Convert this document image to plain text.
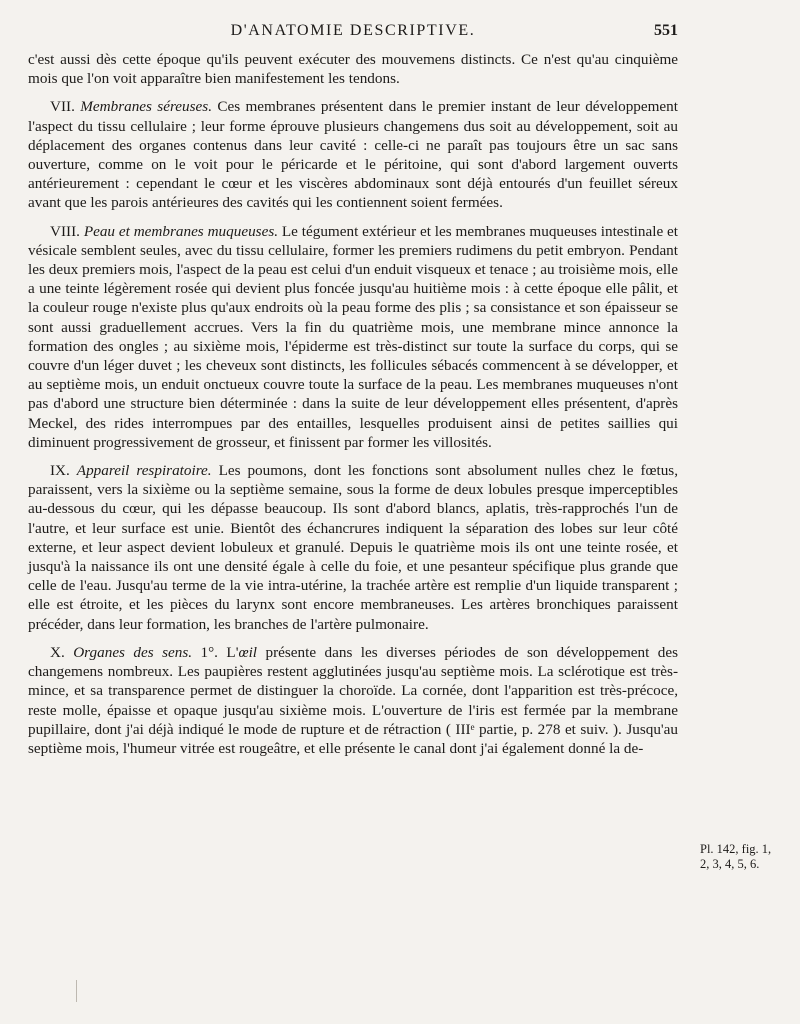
D'ANATOMIE DESCRIPTIVE.	551

c'est aussi dès cette époque qu'ils peuvent exécuter des mouvemens distincts. Ce n'est qu'au cinquième mois que l'on voit apparaître bien manifestement les tendons.

VII. Membranes séreuses. Ces membranes présentent dans le premier instant de leur développement l'aspect du tissu cellulaire ; leur forme éprouve plusieurs changemens dus soit au développement, soit au déplacement des organes contenus dans leur cavité : celle-ci ne paraît pas toujours être un sac sans ouverture, comme on le voit pour le péricarde et le péritoine, qui sont d'abord largement ouverts antérieurement : cependant le cœur et les viscères abdominaux sont déjà entourés d'un feuillet séreux avant que les parois antérieures des cavités qui les contiennent soient fermées.

VIII. Peau et membranes muqueuses. Le tégument extérieur et les membranes muqueuses intestinale et vésicale semblent seules, avec du tissu cellulaire, former les premiers rudimens du petit embryon. Pendant les deux premiers mois, l'aspect de la peau est celui d'un enduit visqueux et tenace ; au troisième mois, elle a une teinte légèrement rosée qui devient plus foncée jusqu'au huitième mois : à cette époque elle pâlit, et la couleur rouge n'existe plus qu'aux endroits où la peau forme des plis ; sa consistance et son épaisseur se sont aussi graduellement accrues. Vers la fin du quatrième mois, une membrane mince annonce la formation des ongles ; au sixième mois, l'épiderme est très-distinct sur toute la surface du corps, qui se couvre d'un léger duvet ; les cheveux sont distincts, les follicules sébacés commencent à se développer, et au septième mois, un enduit onctueux couvre toute la surface de la peau. Les membranes muqueuses n'ont pas d'abord une structure bien déterminée : dans la suite de leur développement elles présentent, d'après Meckel, des rides interrompues par des entailles, lesquelles produisent ainsi de petites saillies qui diminuent progressivement de grosseur, et finissent par former les villosités.

IX. Appareil respiratoire. Les poumons, dont les fonctions sont absolument nulles chez le fœtus, paraissent, vers la sixième ou la septième semaine, sous la forme de deux lobules presque imperceptibles au-dessous du cœur, qui les dépasse beaucoup. Ils sont d'abord blancs, aplatis, très-rapprochés l'un de l'autre, et leur surface est unie. Bientôt des échancrures indiquent la séparation des lobes sur leur côté externe, et leur aspect devient lobuleux et granulé. Depuis le quatrième mois ils ont une teinte rosée, et jusqu'à la naissance ils ont une densité égale à celle du foie, et une pesanteur spécifique plus grande que celle de l'eau. Jusqu'au terme de la vie intra-utérine, la trachée artère est remplie d'un liquide transparent ; elle est étroite, et les pièces du larynx sont encore membraneuses. Les artères bronchiques paraissent précéder, dans leur formation, les branches de l'artère pulmonaire.

X. Organes des sens. 1°. L'œil présente dans les diverses périodes de son développement des changemens nombreux. Les paupières restent agglutinées jusqu'au septième mois. La sclérotique est très-mince, et sa transparence permet de distinguer la choroïde. La cornée, dont l'apparition est très-précoce, reste molle, épaisse et opaque jusqu'au sixième mois. L'ouverture de l'iris est fermée par la membrane pupillaire, dont j'ai déjà indiqué le mode de rupture et de rétraction ( IIIᵉ partie, p. 278 et suiv. ). Jusqu'au septième mois, l'humeur vitrée est rougeâtre, et elle présente le canal dont j'ai également donné la de-

Pl. 142, fig. 1,
2, 3, 4, 5, 6.
